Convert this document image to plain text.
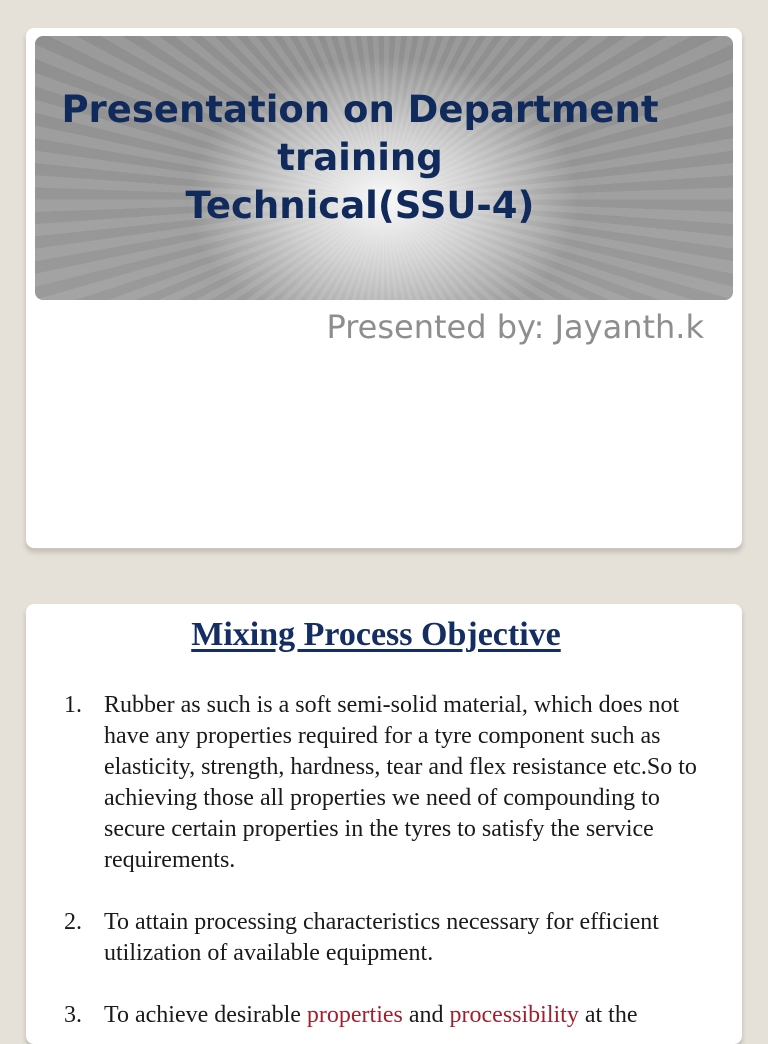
Presentation on Department
training
Technical(SSU-4)
Presented by: Jayanth.k
Mixing Process Objective
1. Rubber as such is a soft semi-solid material, which does not have any properties required for a tyre component such as elasticity, strength, hardness, tear and flex resistance etc.So to achieving those all properties we need of compounding to secure certain properties in the tyres to satisfy the service requirements.
2. To attain processing characteristics necessary for efficient utilization of available equipment.
3. To achieve desirable properties and processibility at the
